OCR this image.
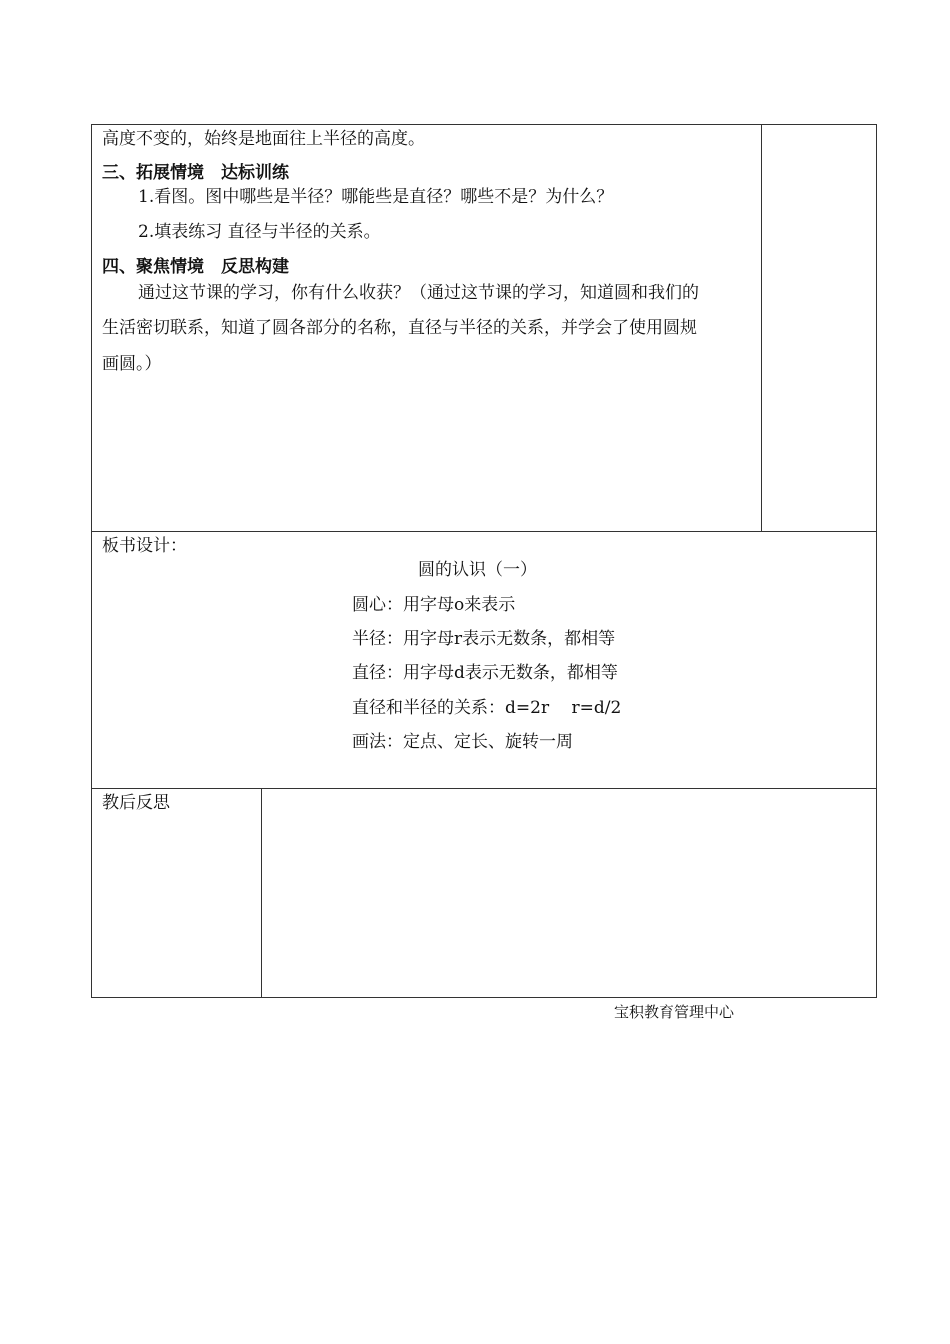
高度不变的，始终是地面往上半径的高度。
三、拓展情境　达标训练
1.看图。图中哪些是半径？哪能些是直径？哪些不是？为什么？
2.填表练习 直径与半径的关系。
四、聚焦情境　反思构建
通过这节课的学习，你有什么收获？（通过这节课的学习，知道圆和我们的
生活密切联系，知道了圆各部分的名称，直径与半径的关系，并学会了使用圆规
画圆。）
板书设计：
圆的认识（一）
圆心：用字母o来表示
半径：用字母r表示无数条，都相等
直径：用字母d表示无数条，都相等
直径和半径的关系：d=2r　 r=d/2
画法：定点、定长、旋转一周
教后反思
宝积教育管理中心
